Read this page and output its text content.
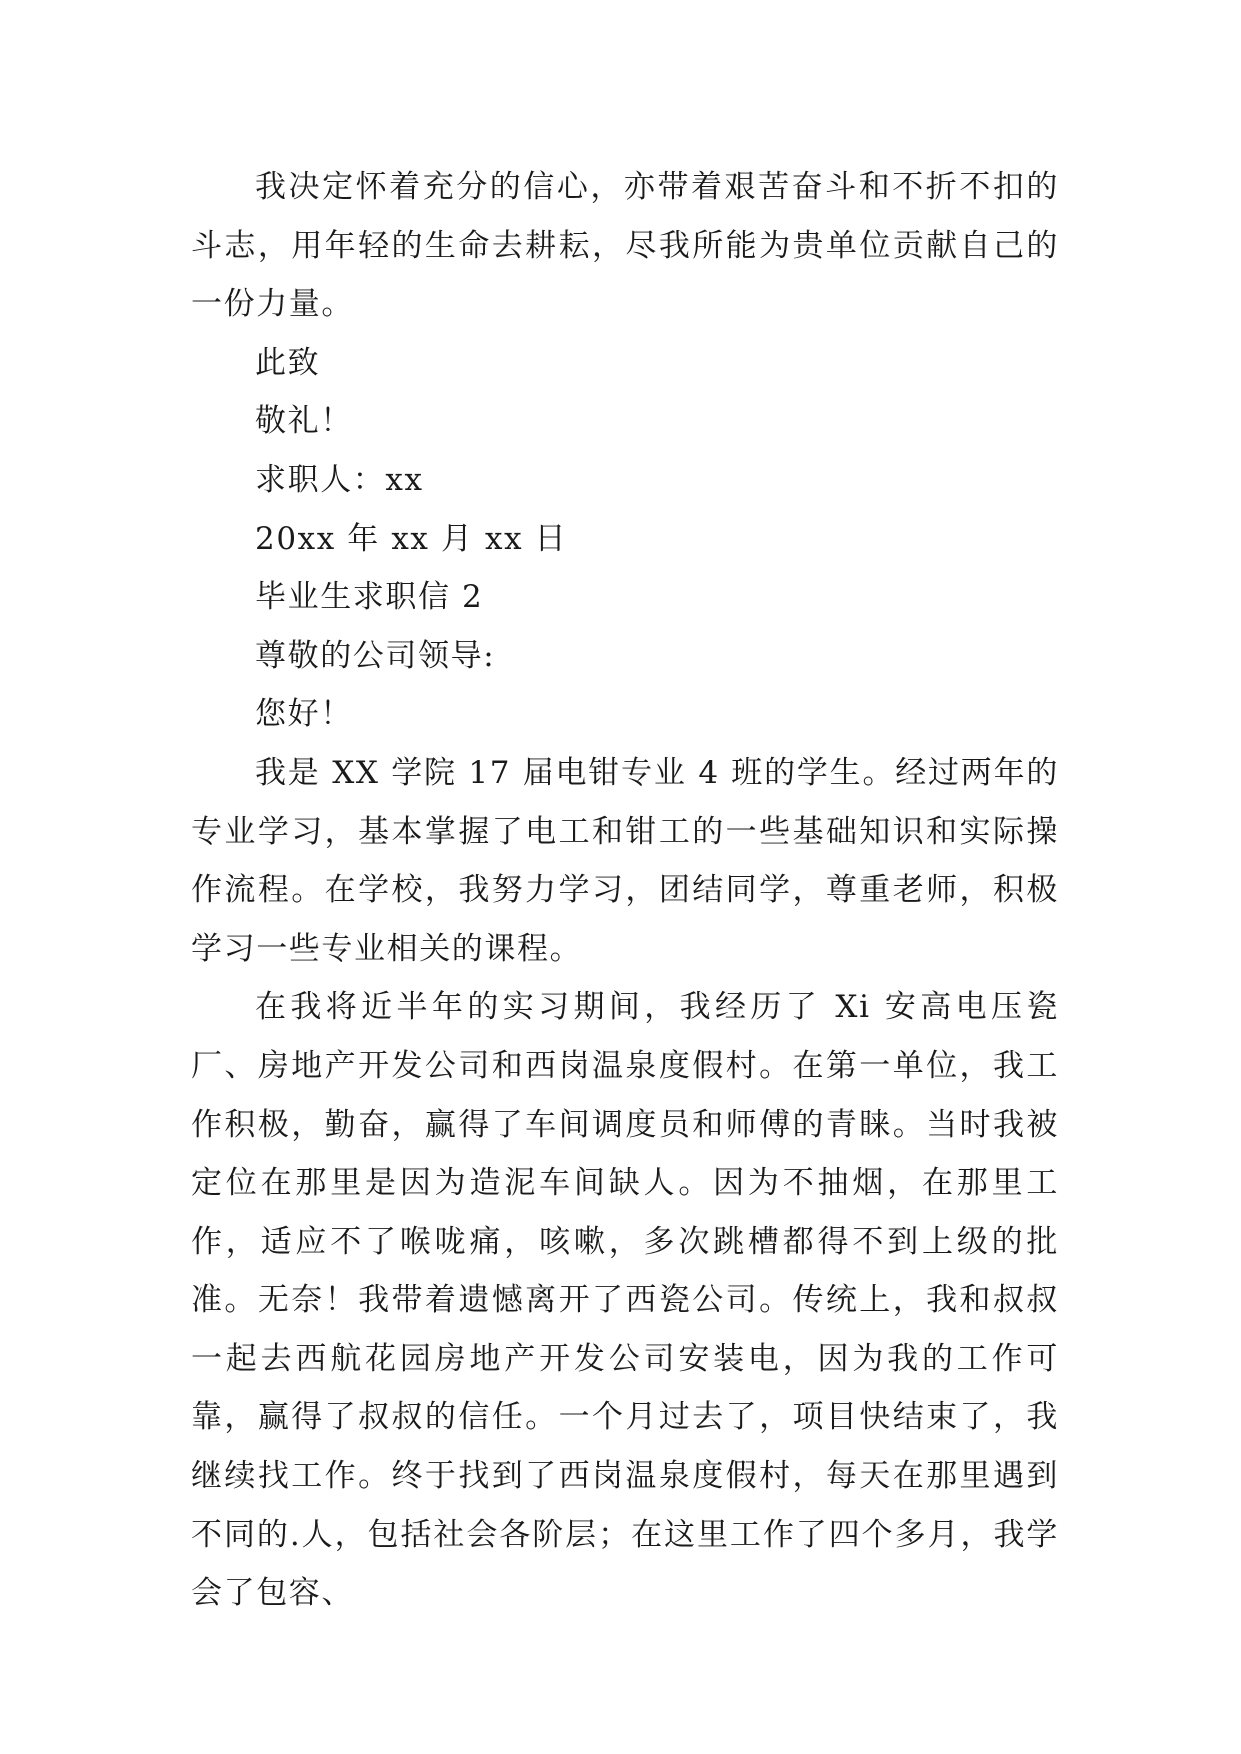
我决定怀着充分的信心，亦带着艰苦奋斗和不折不扣的斗志，用年轻的生命去耕耘，尽我所能为贵单位贡献自己的一份力量。

此致

敬礼！

求职人：xx

20xx 年 xx 月 xx 日

毕业生求职信 2

尊敬的公司领导:

您好！

我是 XX 学院 17 届电钳专业 4 班的学生。经过两年的专业学习，基本掌握了电工和钳工的一些基础知识和实际操作流程。在学校，我努力学习，团结同学，尊重老师，积极学习一些专业相关的课程。

在我将近半年的实习期间，我经历了 Xi 安高电压瓷厂、房地产开发公司和西岗温泉度假村。在第一单位，我工作积极，勤奋，赢得了车间调度员和师傅的青睐。当时我被定位在那里是因为造泥车间缺人。因为不抽烟，在那里工作，适应不了喉咙痛，咳嗽，多次跳槽都得不到上级的批准。无奈！我带着遗憾离开了西瓷公司。传统上，我和叔叔一起去西航花园房地产开发公司安装电，因为我的工作可靠，赢得了叔叔的信任。一个月过去了，项目快结束了，我继续找工作。终于找到了西岗温泉度假村，每天在那里遇到不同的.人，包括社会各阶层；在这里工作了四个多月，我学会了包容、
